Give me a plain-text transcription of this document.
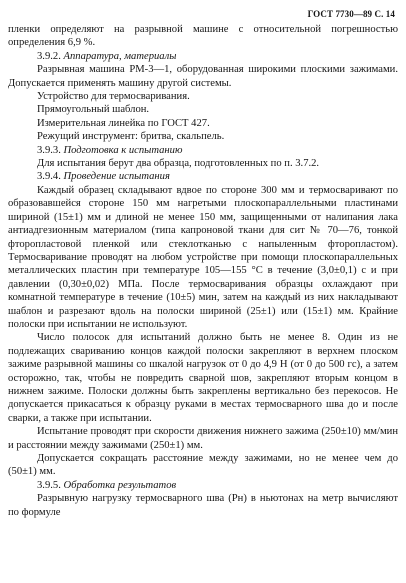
ГОСТ 7730—89 С. 14

пленки определяют на разрывной машине с относительной погрешностью определения 6,9 %.

3.9.2. Аппаратура, материалы

Разрывная машина РМ-3—1, оборудованная широкими плоскими зажимами. Допускается применять машину другой системы.

Устройство для термосваривания.

Прямоугольный шаблон.

Измерительная линейка по ГОСТ 427.

Режущий инструмент: бритва, скальпель.

3.9.3. Подготовка к испытанию

Для испытания берут два образца, подготовленных по п. 3.7.2.

3.9.4. Проведение испытания

Каждый образец складывают вдвое по стороне 300 мм и термосваривают по образовавшейся стороне 150 мм нагретыми плоскопараллельными пластинами шириной (15±1) мм и длиной не менее 150 мм, защищенными от налипания лака антиадгезионным материалом (типа капроновой ткани для сит № 70—76, тонкой фторопластовой пленкой или стеклотканью с напыленным фторопластом). Термосваривание проводят на любом устройстве при помощи плоскопараллельных металлических пластин при температуре 105—155 °С в течение (3,0±0,1) с и при давлении (0,30±0,02) МПа. После термосваривания образцы охлаждают при комнатной температуре в течение (10±5) мин, затем на каждый из них накладывают шаблон и разрезают вдоль на полоски шириной (25±1) или (15±1) мм. Крайние полоски при испытании не используют.

Число полосок для испытаний должно быть не менее 8. Один из не подлежащих свариванию концов каждой полоски закрепляют в верхнем плоском зажиме разрывной машины со шкалой нагрузок от 0 до 4,9 Н (от 0 до 500 гс), а затем осторожно, так, чтобы не повредить сварной шов, закрепляют вторым концом в нижнем зажиме. Полоски должны быть закреплены вертикально без перекосов. Не допускается прикасаться к образцу руками в местах термосварного шва до и после сварки, а также при испытании.

Испытание проводят при скорости движения нижнего зажима (250±10) мм/мин и расстоянии между зажимами (250±1) мм.

Допускается сокращать расстояние между зажимами, но не менее чем до (50±1) мм.

3.9.5. Обработка результатов

Разрывную нагрузку термосварного шва (Pн) в ньютонах на метр вычисляют по формуле
